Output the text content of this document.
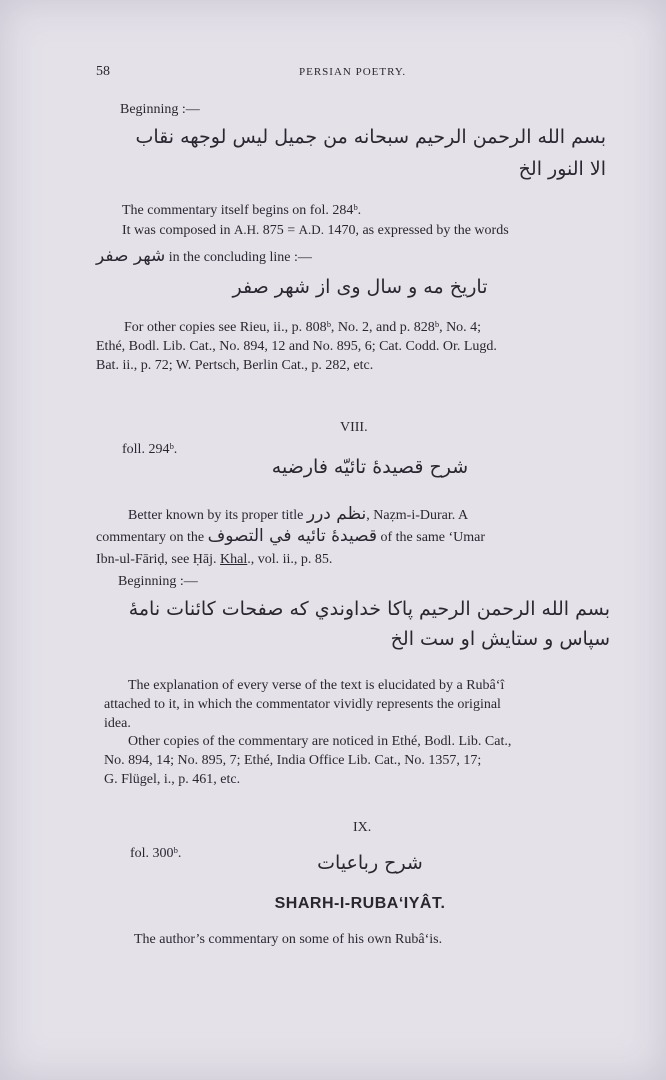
58	PERSIAN POETRY.
Beginning :—
بسم الله الرحمن الرحيم سبحانه من جميل ليس لوجهه نقاب
الا النور الخ
The commentary itself begins on fol. 284ᵇ.
It was composed in A.H. 875 = A.D. 1470, as expressed by the words
شهر صفر in the concluding line :—
تاریخ مه و سال وی از شهر صفر
For other copies see Rieu, ii., p. 808ᵇ, No. 2, and p. 828ᵇ, No. 4;
Ethé, Bodl. Lib. Cat., No. 894, 12 and No. 895, 6; Cat. Codd. Or. Lugd.
Bat. ii., p. 72; W. Pertsch, Berlin Cat., p. 282, etc.
VIII.
foll. 294ᵇ.
شرح قصیدهٔ تائیّه فارضیه
Better known by its proper title نظم درر, Naẓm-i-Durar. A
commentary on the قصیدهٔ تائیه في التصوف of the same ‘Umar
Ibn-ul-Fāriḍ, see Ḥāj. Khal., vol. ii., p. 85.
Beginning :—
بسم الله الرحمن الرحيم پاکا خداوندي که صفحات کائنات نامهٔ
سپاس و ستایش او ست الخ
The explanation of every verse of the text is elucidated by a Rubâ‘î
attached to it, in which the commentator vividly represents the original
idea.
Other copies of the commentary are noticed in Ethé, Bodl. Lib. Cat.,
No. 894, 14; No. 895, 7; Ethé, India Office Lib. Cat., No. 1357, 17;
G. Flügel, i., p. 461, etc.
IX.
fol. 300ᵇ.	شرح رباعیات
SHARH-I-RUBA‘IYÂT.
The author’s commentary on some of his own Rubâ‘is.
